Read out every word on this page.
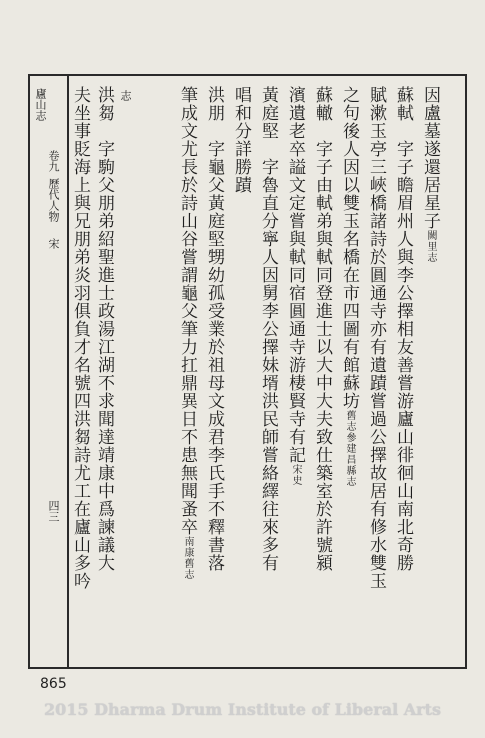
廬山志
卷九
歷代人物
宋
四三
因盧墓遂還居星子闕里志
蘇軾　字子瞻眉州人與李公擇相友善嘗游廬山徘徊山南北奇勝
賦漱玉亭三峽橋諸詩於圓通寺亦有遺蹟嘗過公擇故居有修水雙玉
之句後人因以雙玉名橋在市四圖有館蘇坊舊志參建昌縣志
蘇轍　字子由軾弟與軾同登進士以大中大夫致仕築室於許號潁
濱遺老卒謚文定嘗與軾同宿圓通寺游棲賢寺有記宋史
黃庭堅　字魯直分寧人因舅李公擇妹壻洪民師嘗絡繹往來多有
唱和分詳勝蹟
洪朋　字龜父黃庭堅甥幼孤受業於祖母文成君李氏手不釋書落
筆成文尤長於詩山谷嘗謂龜父筆力扛鼎異日不患無聞蚤卒南康舊志
志
洪芻　字駒父朋弟紹聖進士政湯江湖不求聞達靖康中爲諫議大
夫坐事貶海上與兄朋弟炎羽俱負才名號四洪芻詩尤工在廬山多吟
865
2015 Dharma Drum Institute of Liberal Arts
